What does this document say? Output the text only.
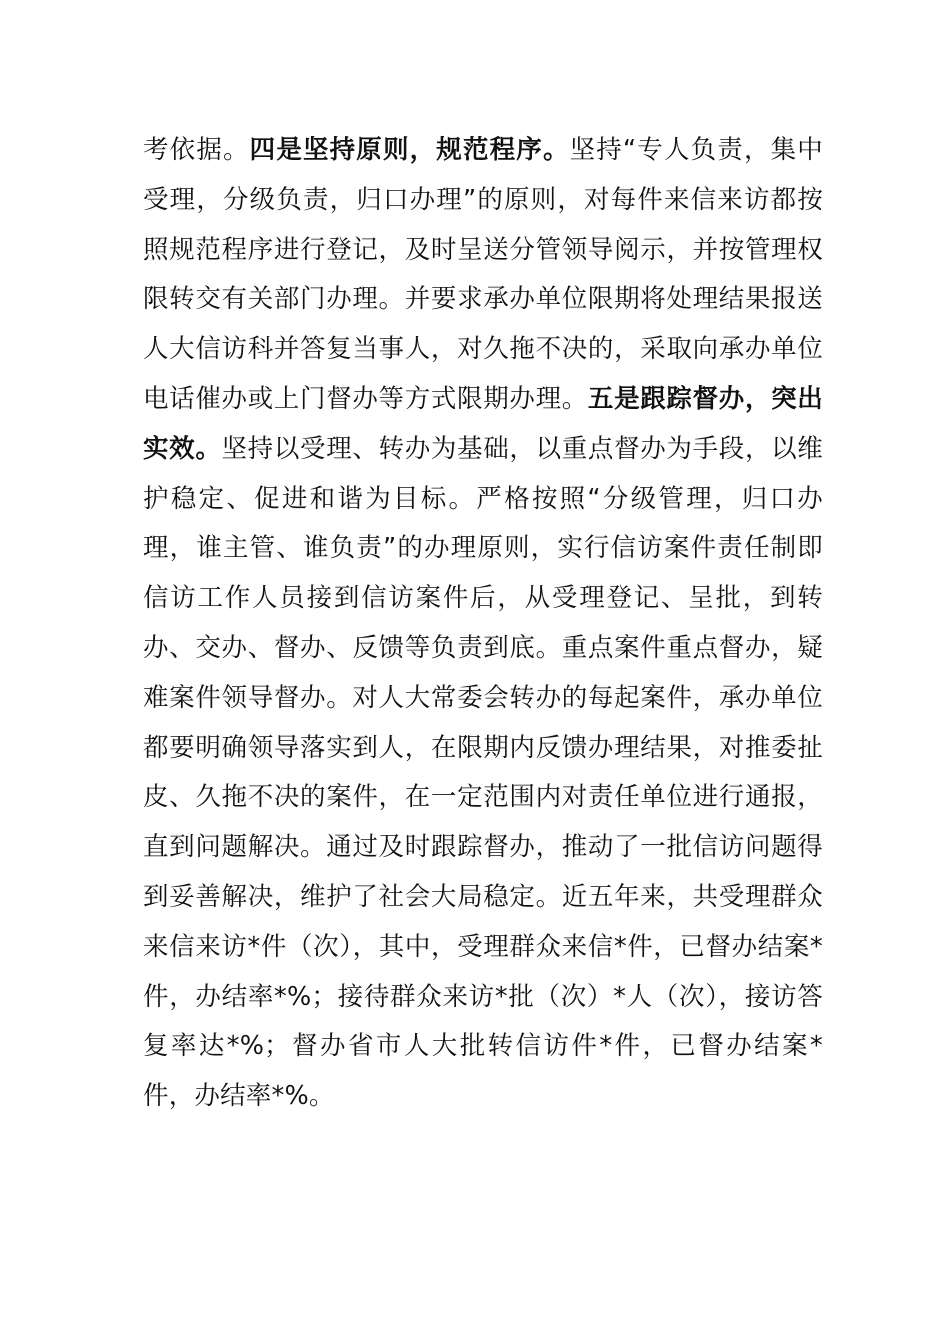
考依据。四是坚持原则，规范程序。坚持“专人负责，集中受理，分级负责，归口办理”的原则，对每件来信来访都按照规范程序进行登记，及时呈送分管领导阅示，并按管理权限转交有关部门办理。并要求承办单位限期将处理结果报送人大信访科并答复当事人，对久拖不决的，采取向承办单位电话催办或上门督办等方式限期办理。五是跟踪督办，突出实效。坚持以受理、转办为基础，以重点督办为手段，以维护稳定、促进和谐为目标。严格按照“分级管理，归口办理，谁主管、谁负责”的办理原则，实行信访案件责任制即信访工作人员接到信访案件后，从受理登记、呈批，到转办、交办、督办、反馈等负责到底。重点案件重点督办，疑难案件领导督办。对人大常委会转办的每起案件，承办单位都要明确领导落实到人，在限期内反馈办理结果，对推委扯皮、久拖不决的案件，在一定范围内对责任单位进行通报，直到问题解决。通过及时跟踪督办，推动了一批信访问题得到妥善解决，维护了社会大局稳定。近五年来，共受理群众来信来访*件（次），其中，受理群众来信*件，已督办结案*件，办结率*%；接待群众来访*批（次）*人（次），接访答复率达*%；督办省市人大批转信访件*件，已督办结案*件，办结率*%。
